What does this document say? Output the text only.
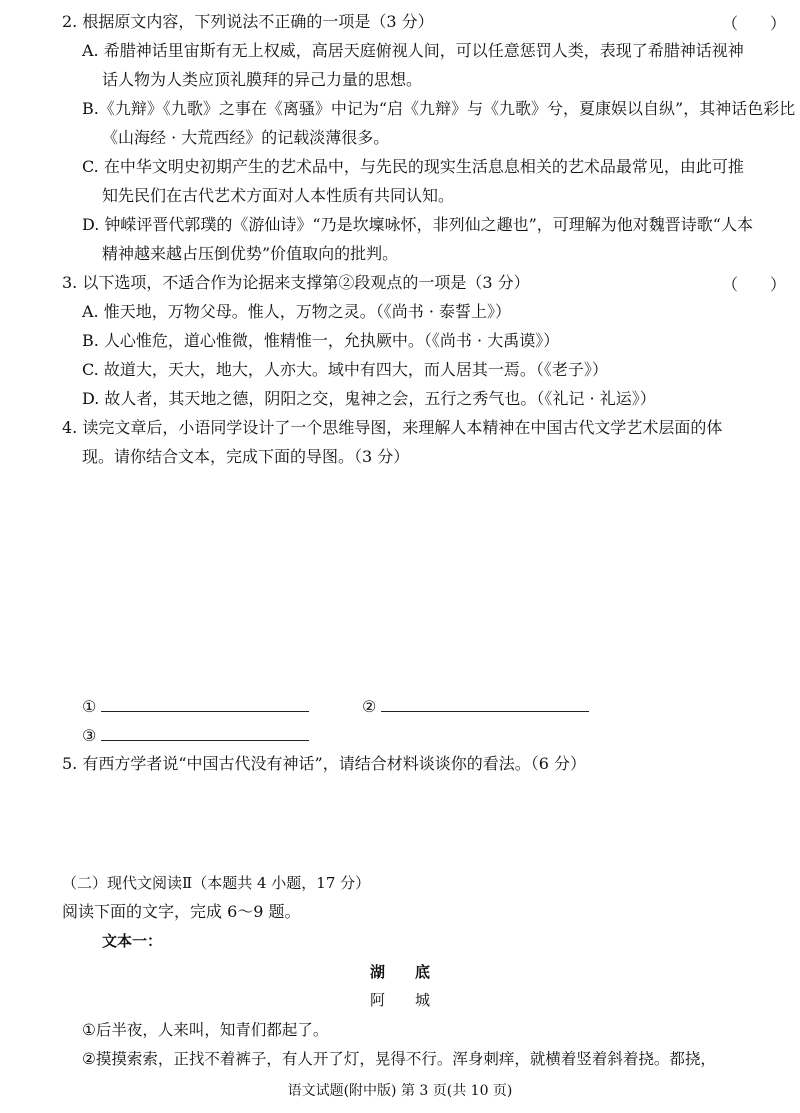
2. 根据原文内容，下列说法不正确的一项是（3 分）	（　　）
A. 希腊神话里宙斯有无上权威，高居天庭俯视人间，可以任意惩罚人类，表现了希腊神话视神
话人物为人类应顶礼膜拜的异己力量的思想。
B.《九辩》《九歌》之事在《离骚》中记为“启《九辩》与《九歌》兮，夏康娱以自纵”，其神话色彩比
《山海经 · 大荒西经》的记载淡薄很多。
C. 在中华文明史初期产生的艺术品中，与先民的现实生活息息相关的艺术品最常见，由此可推
知先民们在古代艺术方面对人本性质有共同认知。
D. 钟嵘评晋代郭璞的《游仙诗》“乃是坎壈咏怀，非列仙之趣也”，可理解为他对魏晋诗歌“人本
精神越来越占压倒优势”价值取向的批判。
3. 以下选项，不适合作为论据来支撑第②段观点的一项是（3 分）	（　　）
A. 惟天地，万物父母。惟人，万物之灵。（《尚书 · 泰誓上》）
B. 人心惟危，道心惟微，惟精惟一，允执厥中。（《尚书 · 大禹谟》）
C. 故道大，天大，地大，人亦大。域中有四大，而人居其一焉。（《老子》）
D. 故人者，其天地之德，阴阳之交，鬼神之会，五行之秀气也。（《礼记 · 礼运》）
4. 读完文章后，小语同学设计了一个思维导图，来理解人本精神在中国古代文学艺术层面的体
现。请你结合文本，完成下面的导图。（3 分）
①	②
③
5. 有西方学者说“中国古代没有神话”，请结合材料谈谈你的看法。（6 分）
（二）现代文阅读Ⅱ（本题共 4 小题，17 分）
阅读下面的文字，完成 6～9 题。
文本一：
湖　　底
阿　　城
①后半夜，人来叫，知青们都起了。
②摸摸索索，正找不着裤子，有人开了灯，晃得不行。浑身刺痒，就横着竖着斜着挠。都挠，
语文试题(附中版) 第 3 页(共 10 页)
